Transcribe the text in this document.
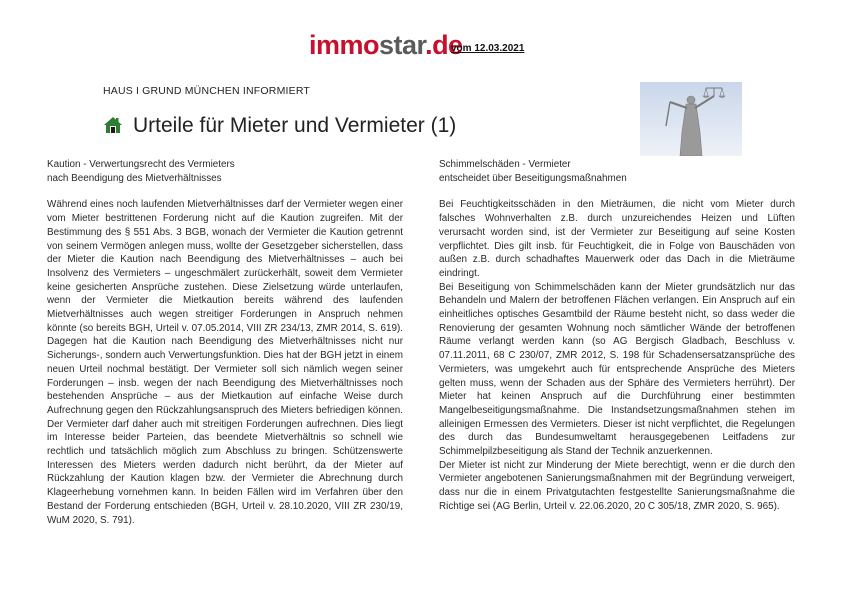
immostar.de
vom 12.03.2021
HAUS I GRUND MÜNCHEN INFORMIERT
Urteile für Mieter und Vermieter (1)
Kaution - Verwertungsrecht des Vermieters
nach Beendigung des Mietverhältnisses

Während eines noch laufenden Mietverhältnisses darf der Vermieter wegen einer vom Mieter bestrittenen Forderung nicht auf die Kaution zugreifen. Mit der Bestimmung des § 551 Abs. 3 BGB, wonach der Vermieter die Kaution getrennt von seinem Vermögen anlegen muss, wollte der Gesetzgeber sicherstellen, dass der Mieter die Kaution nach Beendigung des Mietverhältnisses – auch bei Insolvenz des Vermieters – ungeschmälert zurückerhält, soweit dem Vermieter keine gesicherten Ansprüche zustehen. Diese Zielsetzung würde unterlaufen, wenn der Vermieter die Mietkaution bereits während des laufenden Mietverhältnisses auch wegen streitiger Forderungen in Anspruch nehmen könnte (so bereits BGH, Urteil v. 07.05.2014, VIII ZR 234/13, ZMR 2014, S. 619). Dagegen hat die Kaution nach Beendigung des Mietverhältnisses nicht nur Sicherungs-, sondern auch Verwertungsfunktion. Dies hat der BGH jetzt in einem neuen Urteil nochmal bestätigt. Der Vermieter soll sich nämlich wegen seiner Forderungen – insb. wegen der nach Beendigung des Mietverhältnisses noch bestehenden Ansprüche – aus der Mietkaution auf einfache Weise durch Aufrechnung gegen den Rückzahlungsanspruch des Mieters befriedigen können. Der Vermieter darf daher auch mit streitigen Forderungen aufrechnen. Dies liegt im Interesse beider Parteien, das beendete Mietverhältnis so schnell wie rechtlich und tatsächlich möglich zum Abschluss zu bringen. Schützenswerte Interessen des Mieters werden dadurch nicht berührt, da der Mieter auf Rückzahlung der Kaution klagen bzw. der Vermieter die Abrechnung durch Klageerhebung vornehmen kann. In beiden Fällen wird im Verfahren über den Bestand der Forderung entschieden (BGH, Urteil v. 28.10.2020, VIII ZR 230/19, WuM 2020, S. 791).

Schimmelschäden - Vermieter
entscheidet über Beseitigungsmaßnahmen

Bei Feuchtigkeitsschäden in den Mieträumen, die nicht vom Mieter durch falsches Wohnverhalten z.B. durch unzureichendes Heizen und Lüften verursacht worden sind, ist der Vermieter zur Beseitigung auf seine Kosten verpflichtet. Dies gilt insb. für Feuchtigkeit, die in Folge von Bauschäden von außen z.B. durch schadhaftes Mauerwerk oder das Dach in die Mieträume eindringt.

Bei Beseitigung von Schimmelschäden kann der Mieter grundsätzlich nur das Behandeln und Malern der betroffenen Flächen verlangen. Ein Anspruch auf ein einheitliches optisches Gesamtbild der Räume besteht nicht, so dass weder die Renovierung der gesamten Wohnung noch sämtlicher Wände der betroffenen Räume verlangt werden kann (so AG Bergisch Gladbach, Beschluss v. 07.11.2011, 68 C 230/07, ZMR 2012, S. 198 für Schadensersatzansprüche des Vermieters, was umgekehrt auch für entsprechende Ansprüche des Mieters gelten muss, wenn der Schaden aus der Sphäre des Vermieters herrührt). Der Mieter hat keinen Anspruch auf die Durchführung einer bestimmten Mangelbeseitigungsmaßnahme. Die Instandsetzungsmaßnahmen stehen im alleinigen Ermessen des Vermieters. Dieser ist nicht verpflichtet, die Regelungen des durch das Bundesumweltamt herausgegebenen Leitfadens zur Schimmelpilzbeseitigung als Stand der Technik anzuerkennen.

Der Mieter ist nicht zur Minderung der Miete berechtigt, wenn er die durch den Vermieter angebotenen Sanierungsmaßnahmen mit der Begründung verweigert, dass nur die in einem Privatgutachten festgestellte Sanierungsmaßnahme die Richtige sei (AG Berlin, Urteil v. 22.06.2020, 20 C 305/18, ZMR 2020, S. 965).
